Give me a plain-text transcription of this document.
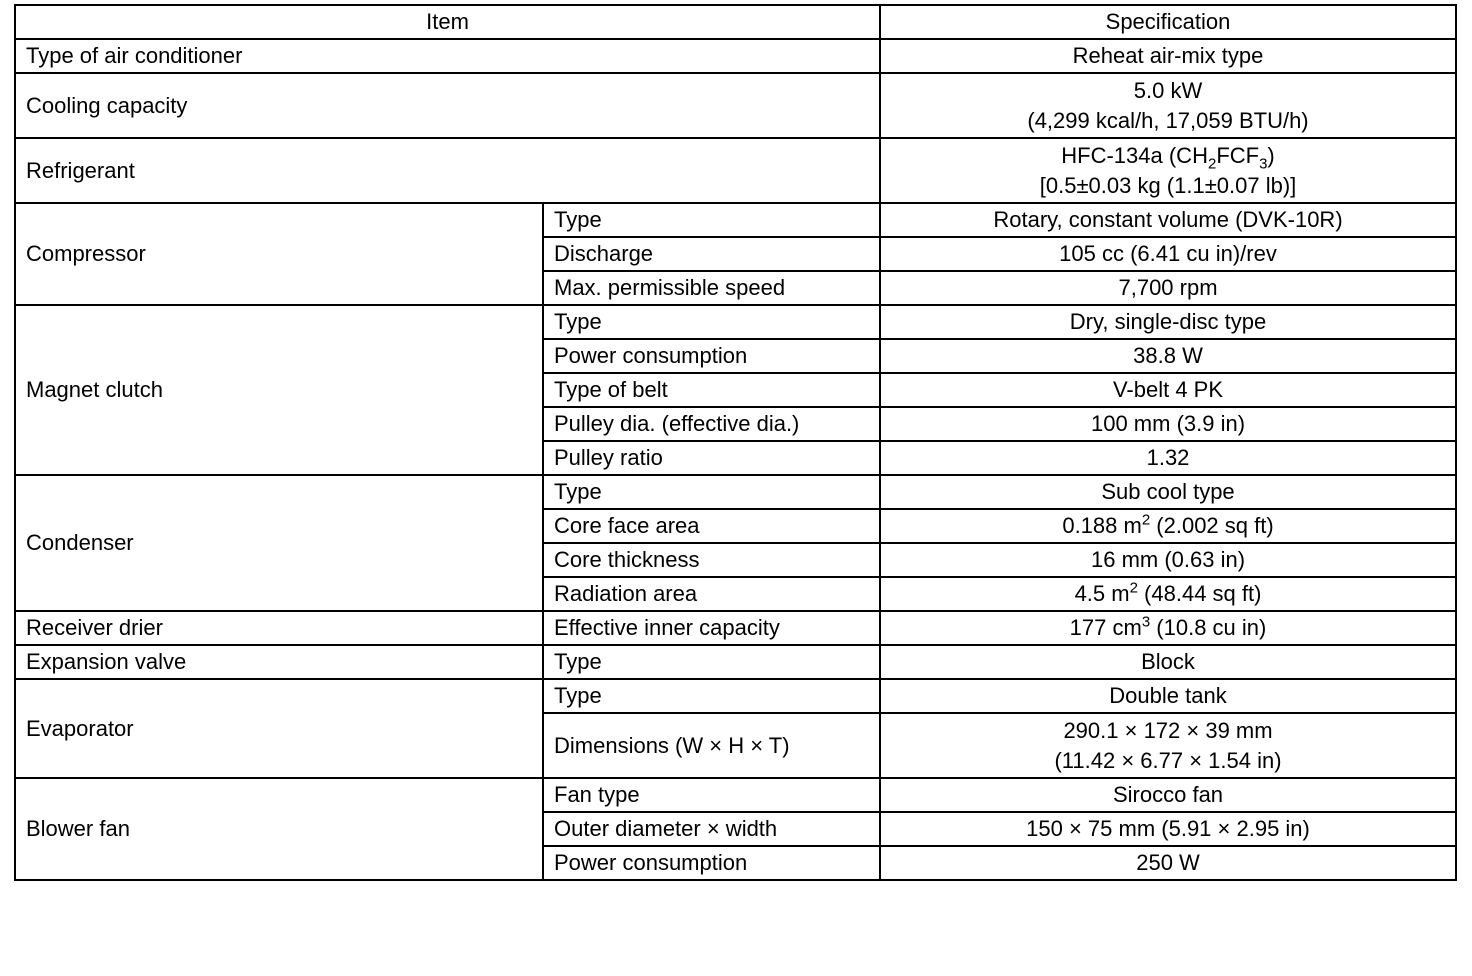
Item		Specification
Type of air conditioner		Reheat air-mix type
Cooling capacity		5.0 kW
(4,299 kcal/h, 17,059 BTU/h)

Refrigerant		HFC-134a $(CH_2FCF_3)$
[0.5±0.03 kg (1.1±0.07 lb)]

Compressor	Type	Rotary, constant volume (DVK-10R)
	Discharge	105 cc (6.41 cu in)/rev
	Max. permissible speed	7,700 rpm
Magnet clutch	Type	Dry, single-disc type
	Power consumption	38.8 W
	Type of belt	V-belt 4 PK
	Pulley dia. (effective dia.)	100 mm (3.9 in)
	Pulley ratio	1.32
Condenser	Type	Sub cool type
	Core face area	0.188 $m^2$ (2.002 sq ft)
	Core thickness	16 mm (0.63 in)
	Radiation area	4.5 $m^2$ (48.44 sq ft)
Receiver drier	Effective inner capacity	177 $cm^3$ (10.8 cu in)
Expansion valve	Type	Block
Evaporator	Type	Double tank
	Dimensions (W × H × T)	290.1 × 172 × 39 mm
(11.42 × 6.77 × 1.54 in)

Blower fan	Fan type	Sirocco fan
	Outer diameter × width	150 × 75 mm (5.91 × 2.95 in)
	Power consumption	250 W
